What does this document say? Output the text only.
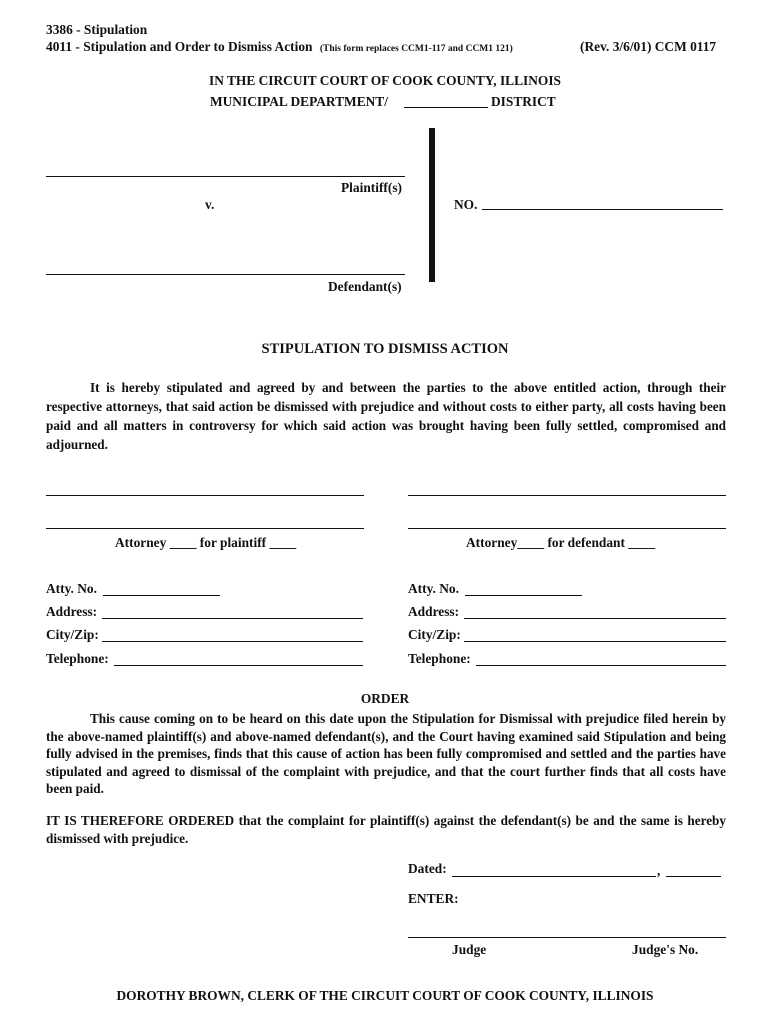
3386 - Stipulation
4011 - Stipulation and Order to Dismiss Action (This form replaces CCM1-117 and CCM1 121)	(Rev. 3/6/01) CCM 0117
IN THE CIRCUIT COURT OF COOK COUNTY, ILLINOIS
MUNICIPAL DEPARTMENT/	DISTRICT
Plaintiff(s)
v.	NO.
Defendant(s)
STIPULATION TO DISMISS ACTION
It is hereby stipulated and agreed by and between the parties to the above entitled action, through their respective attorneys, that said action be dismissed with prejudice and without costs to either party, all costs having been paid and all matters in controversy for which said action was brought having been fully settled, compromised and adjourned.
Attorney ____ for plaintiff ____	Attorney____ for defendant ____
Atty. No.
Address:
City/Zip:
Telephone:
Atty. No.
Address:
City/Zip:
Telephone:
ORDER
This cause coming on to be heard on this date upon the Stipulation for Dismissal with prejudice filed herein by the above-named plaintiff(s) and above-named defendant(s), and the Court having examined said Stipulation and being fully advised in the premises, finds that this cause of action has been fully compromised and settled and the parties have stipulated and agreed to dismissal of the complaint with prejudice, and that the court further finds that all costs have been paid.
IT IS THEREFORE ORDERED that the complaint for plaintiff(s) against the defendant(s) be and the same is hereby dismissed with prejudice.
Dated:	,
ENTER:
Judge	Judge's No.
DOROTHY BROWN, CLERK OF THE CIRCUIT COURT OF COOK COUNTY, ILLINOIS
